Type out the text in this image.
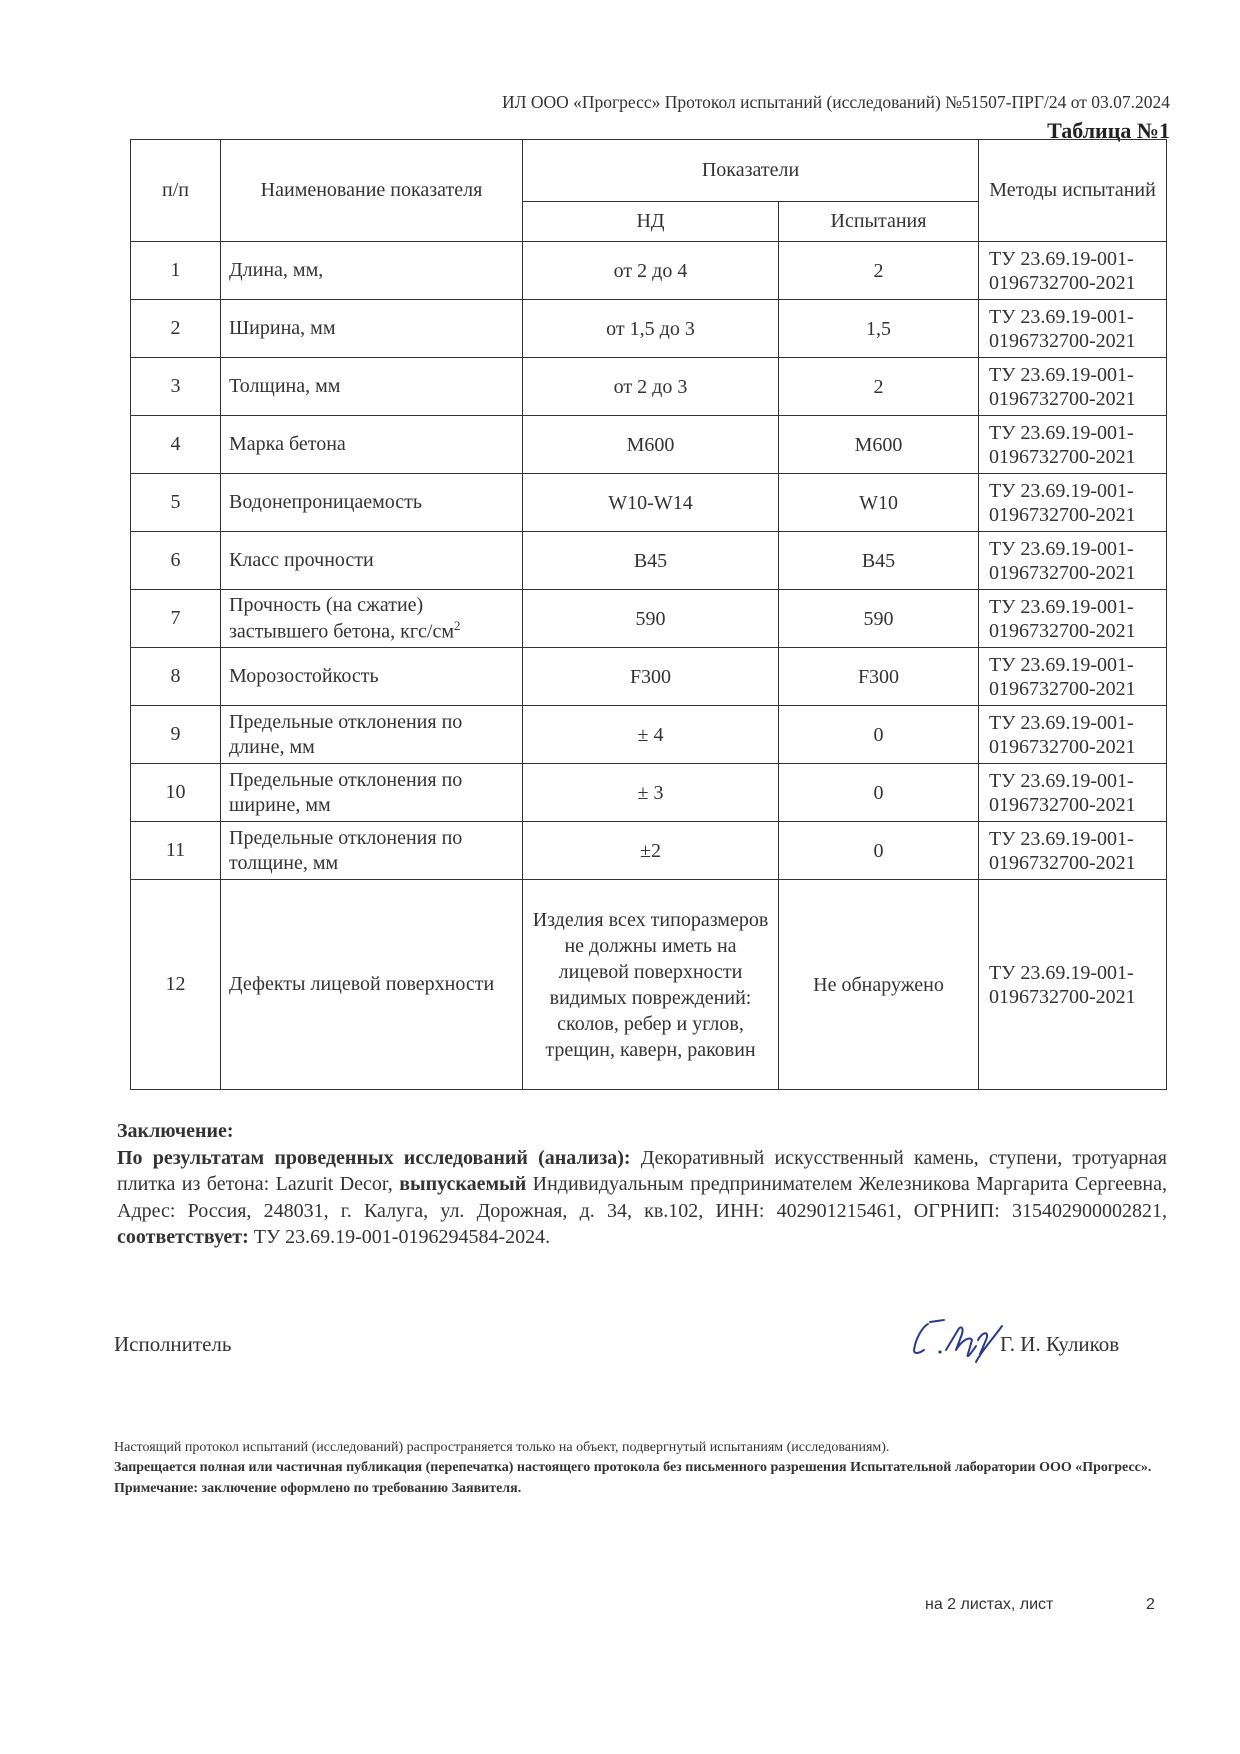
ИЛ ООО «Прогресс» Протокол испытаний (исследований) №51507-ПРГ/24 от 03.07.2024
Таблица №1
п/п	Наименование показателя	Показатели		Методы испытаний
		НД	Испытания	
1	Длина, мм,	от 2 до 4	2	ТУ 23.69.19-001-0196732700-2021
2	Ширина, мм	от 1,5 до 3	1,5	ТУ 23.69.19-001-0196732700-2021
3	Толщина, мм	от 2 до 3	2	ТУ 23.69.19-001-0196732700-2021
4	Марка бетона	М600	М600	ТУ 23.69.19-001-0196732700-2021
5	Водонепроницаемость	W10-W14	W10	ТУ 23.69.19-001-0196732700-2021
6	Класс прочности	В45	В45	ТУ 23.69.19-001-0196732700-2021
7	Прочность (на сжатие) застывшего бетона, кгс/$см^2$	590	590	ТУ 23.69.19-001-0196732700-2021
8	Морозостойкость	F300	F300	ТУ 23.69.19-001-0196732700-2021
9	Предельные отклонения по длине, мм	± 4	0	ТУ 23.69.19-001-0196732700-2021
10	Предельные отклонения по ширине, мм	± 3	0	ТУ 23.69.19-001-0196732700-2021
11	Предельные отклонения по толщине, мм	±2	0	ТУ 23.69.19-001-0196732700-2021
12	Дефекты лицевой поверхности	Изделия всех типоразмеров не должны иметь на лицевой поверхности видимых повреждений: сколов, ребер и углов, трещин, каверн, раковин	Не обнаружено	ТУ 23.69.19-001-0196732700-2021
Заключение:

По результатам проведенных исследований (анализа): Декоративный искусственный камень, ступени, тротуарная плитка из бетона: Lazurit Decor, выпускаемый Индивидуальным предпринимателем Железникова Маргарита Сергеевна, Адрес: Россия, 248031, г. Калуга, ул. Дорожная, д. 34, кв.102, ИНН: 402901215461, ОГРНИП: 315402900002821, соответствует: ТУ 23.69.19-001-0196294584-2024.

Исполнитель	Г. И. Куликов
Настоящий протокол испытаний (исследований) распространяется только на объект, подвергнутый испытаниям (исследованиям).
Запрещается полная или частичная публикация (перепечатка) настоящего протокола без письменного разрешения Испытательной лаборатории ООО «Прогресс».
Примечание: заключение оформлено по требованию Заявителя.
на 2 листах, лист	2
